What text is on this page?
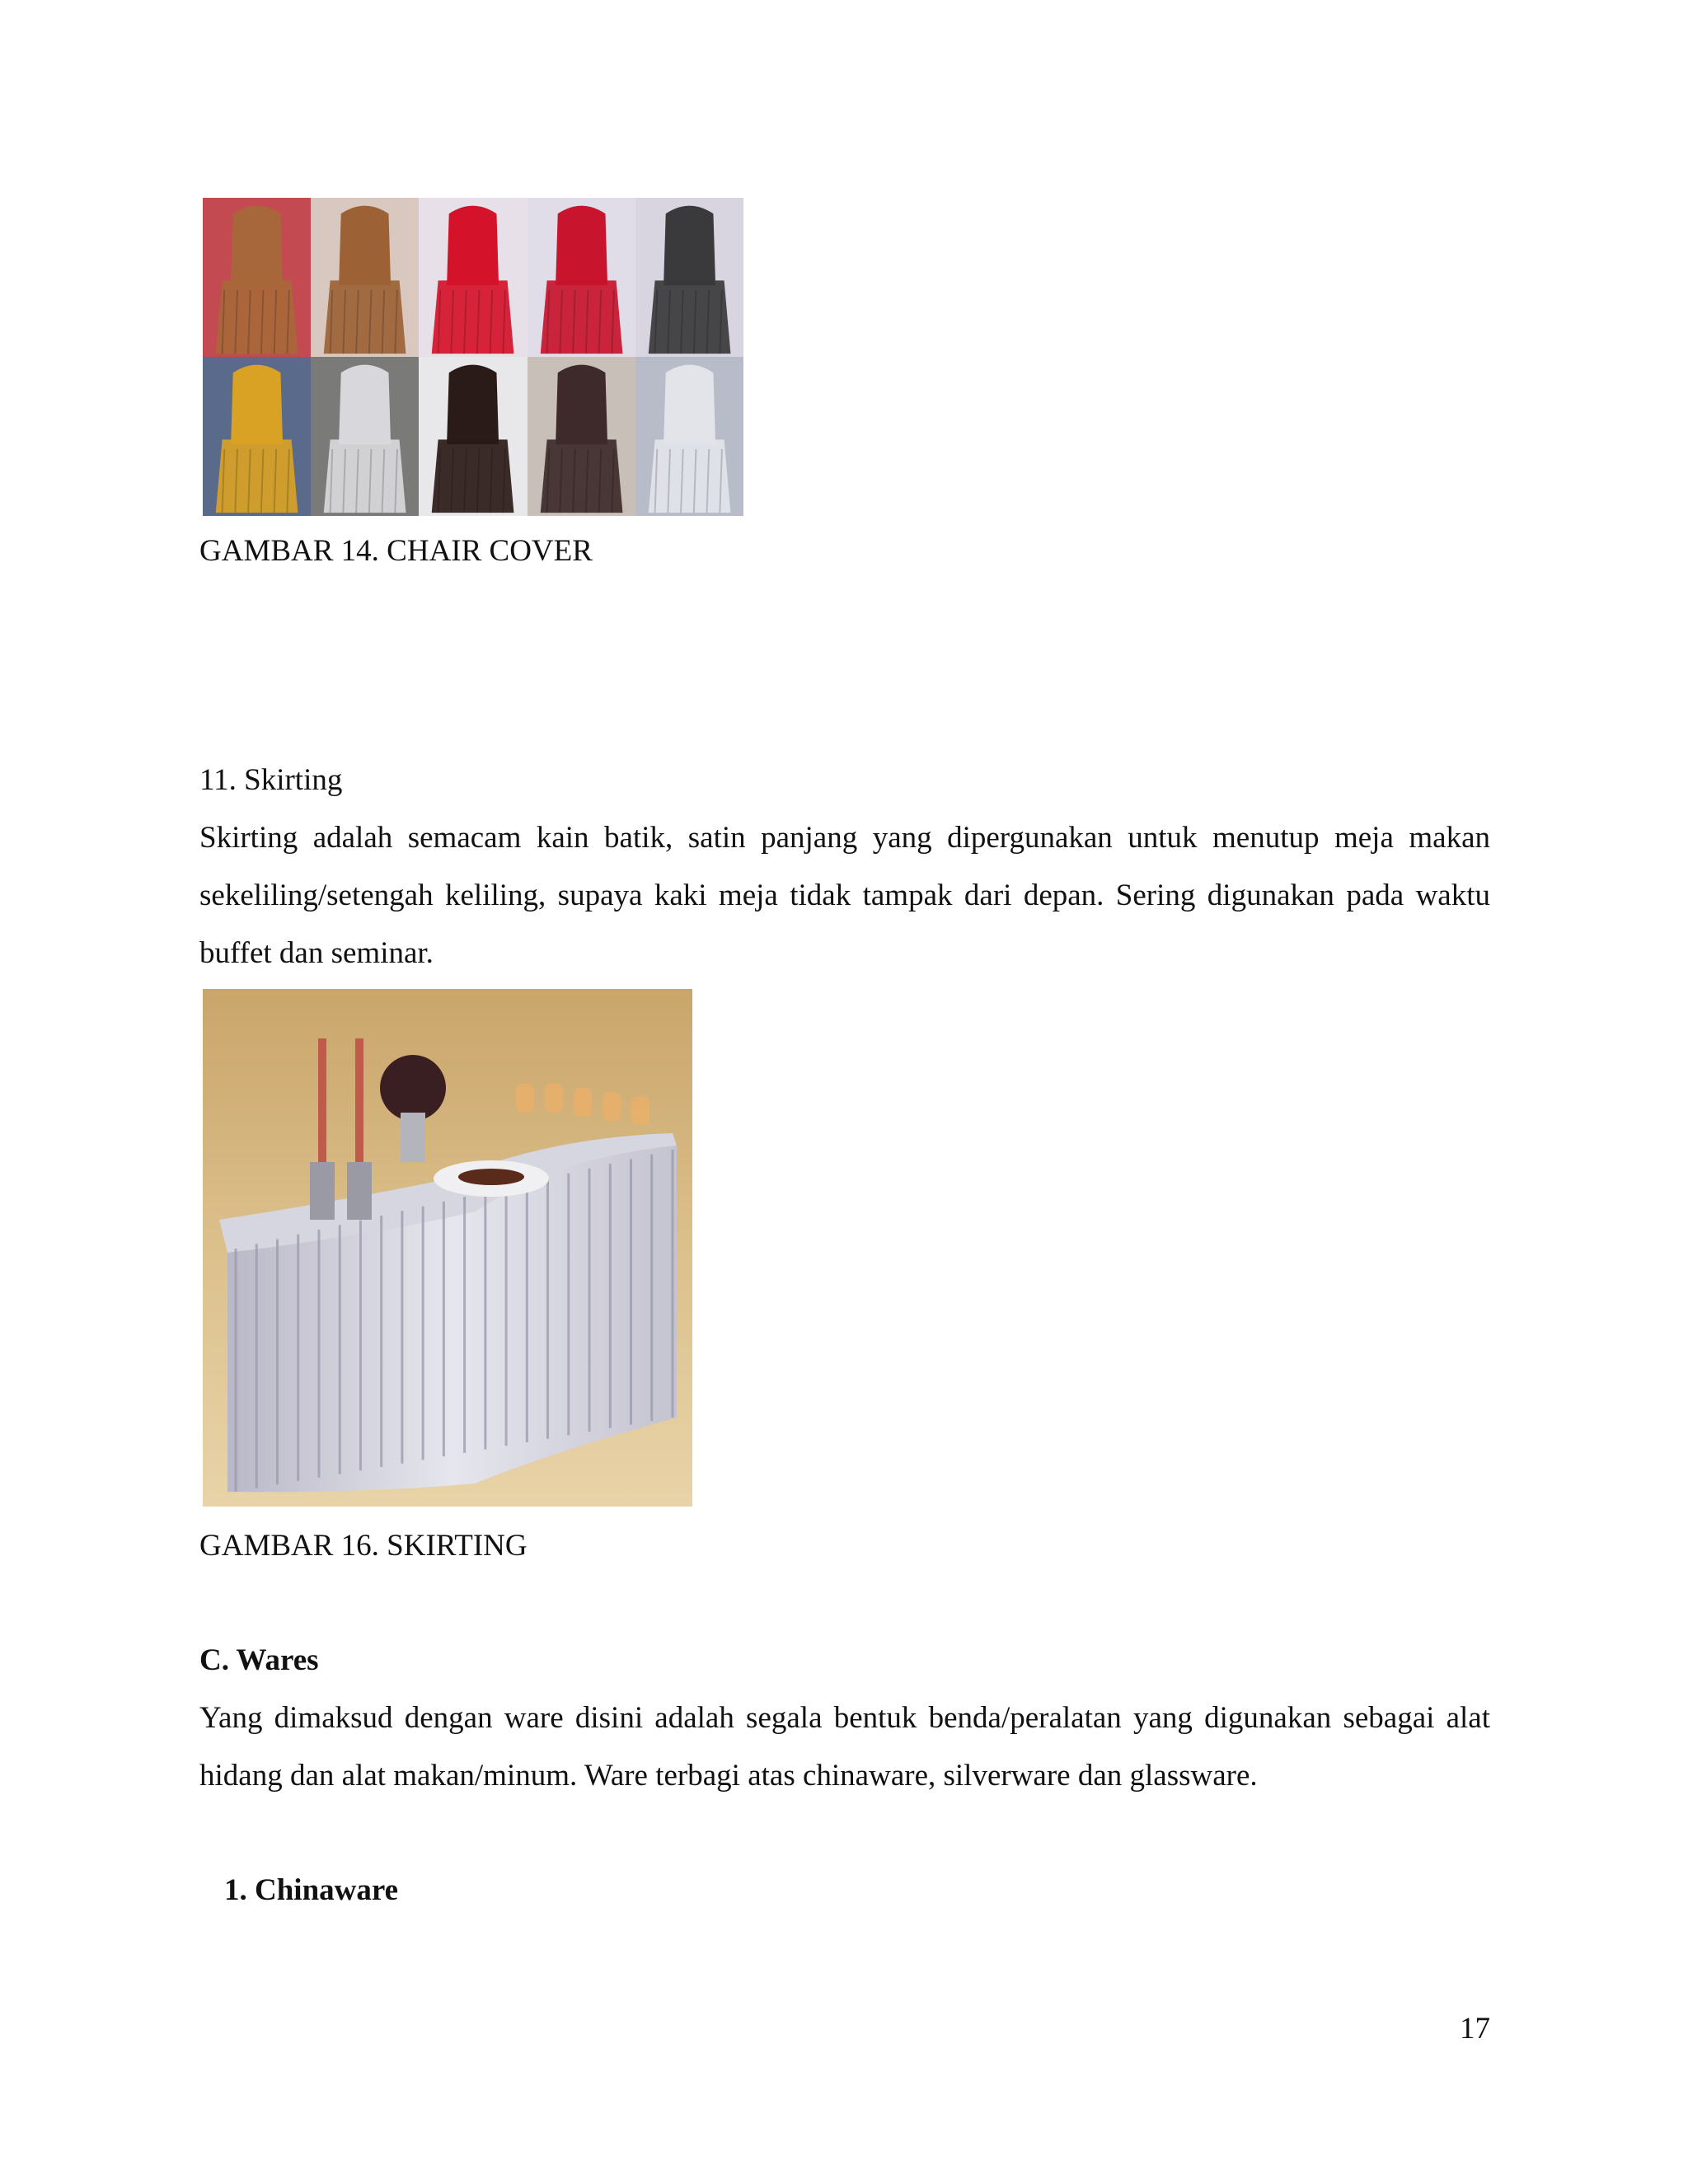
GAMBAR 14. CHAIR COVER
11. Skirting
Skirting adalah semacam kain batik, satin panjang yang dipergunakan untuk menutup meja makan sekeliling/setengah keliling, supaya kaki meja tidak tampak dari depan. Sering digunakan pada waktu buffet dan seminar.
GAMBAR 16. SKIRTING
C. Wares
Yang dimaksud dengan ware disini adalah segala bentuk benda/peralatan yang digunakan sebagai alat hidang dan alat makan/minum. Ware terbagi atas chinaware, silverware dan glassware.
1. Chinaware
17
